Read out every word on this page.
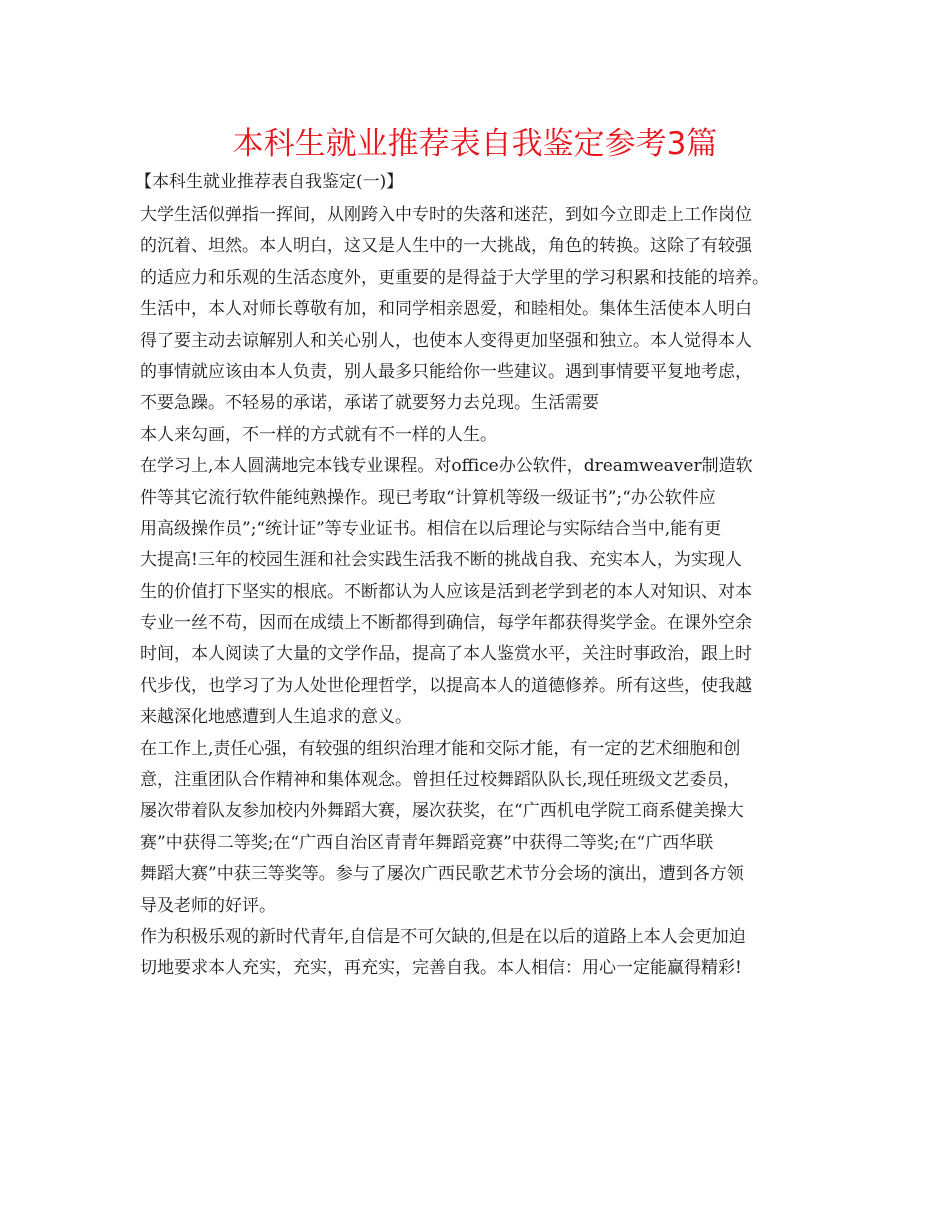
本科生就业推荐表自我鉴定参考3篇
【本科生就业推荐表自我鉴定(一)】
大学生活似弹指一挥间，从刚跨入中专时的失落和迷茫，到如今立即走上工作岗位
的沉着、坦然。本人明白，这又是人生中的一大挑战，角色的转换。这除了有较强
的适应力和乐观的生活态度外，更重要的是得益于大学里的学习积累和技能的培养。
生活中，本人对师长尊敬有加，和同学相亲恩爱，和睦相处。集体生活使本人明白
得了要主动去谅解别人和关心别人，也使本人变得更加坚强和独立。本人觉得本人
的事情就应该由本人负责，别人最多只能给你一些建议。遇到事情要平复地考虑，
不要急躁。不轻易的承诺，承诺了就要努力去兑现。生活需要
本人来勾画，不一样的方式就有不一样的人生。
在学习上,本人圆满地完本钱专业课程。对office办公软件，dreamweaver制造软
件等其它流行软件能纯熟操作。现已考取“计算机等级一级证书”;“办公软件应
用高级操作员”;“统计证”等专业证书。相信在以后理论与实际结合当中,能有更
大提高!三年的校园生涯和社会实践生活我不断的挑战自我、充实本人，为实现人
生的价值打下坚实的根底。不断都认为人应该是活到老学到老的本人对知识、对本
专业一丝不苟，因而在成绩上不断都得到确信，每学年都获得奖学金。在课外空余
时间，本人阅读了大量的文学作品，提高了本人鉴赏水平，关注时事政治，跟上时
代步伐，也学习了为人处世伦理哲学，以提高本人的道德修养。所有这些，使我越
来越深化地感遭到人生追求的意义。
在工作上,责任心强，有较强的组织治理才能和交际才能，有一定的艺术细胞和创
意，注重团队合作精神和集体观念。曾担任过校舞蹈队队长,现任班级文艺委员，
屡次带着队友参加校内外舞蹈大赛，屡次获奖，在“广西机电学院工商系健美操大
赛”中获得二等奖;在“广西自治区青青年舞蹈竞赛”中获得二等奖;在“广西华联
舞蹈大赛”中获三等奖等。参与了屡次广西民歌艺术节分会场的演出，遭到各方领
导及老师的好评。
作为积极乐观的新时代青年,自信是不可欠缺的,但是在以后的道路上本人会更加迫
切地要求本人充实，充实，再充实，完善自我。本人相信：用心一定能赢得精彩!
